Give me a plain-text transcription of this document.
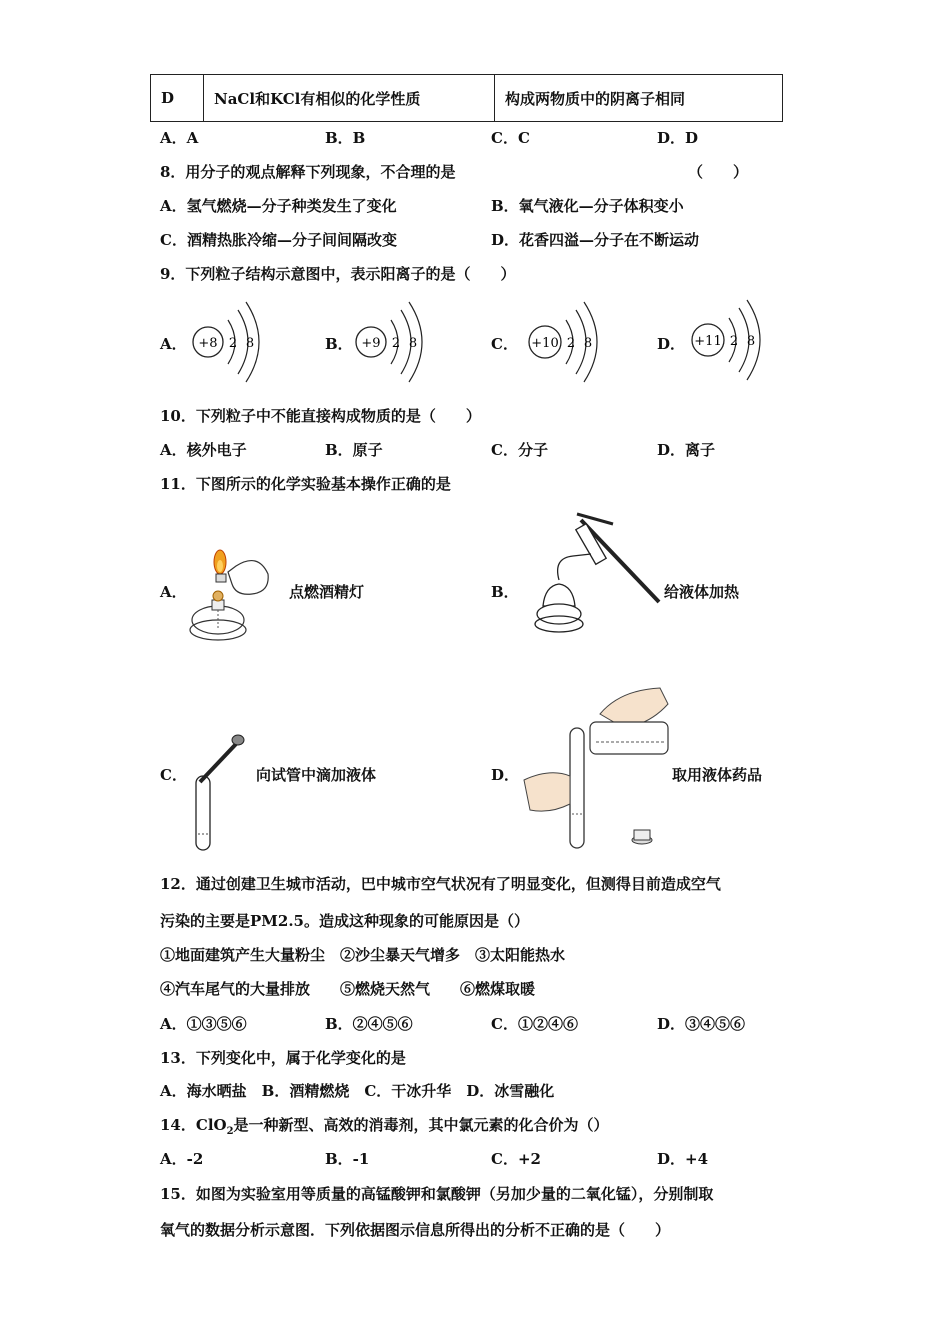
D	NaCl和KCl有相似的化学性质	构成两物质中的阴离子相同
A．A	B．B	C．C	D．D
8．用分子的观点解释下列现象，不合理的是	（　　）
A．氢气燃烧—分子种类发生了变化	B．氧气液化—分子体积变小
C．酒精热胀冷缩—分子间间隔改变	D．花香四溢—分子在不断运动
9．下列粒子结构示意图中，表示阳离子的是（　　）
A．	B．	C．	D．
+8 2 8	+9 2 8	+10 2 8	+11 2 8
10．下列粒子中不能直接构成物质的是（　　）
A．核外电子	B．原子	C．分子	D．离子
11．下图所示的化学实验基本操作正确的是
A．	点燃酒精灯	B．	给液体加热
C．	向试管中滴加液体	D．	取用液体药品
12．通过创建卫生城市活动，巴中城市空气状况有了明显变化，但测得目前造成空气
污染的主要是PM2.5。造成这种现象的可能原因是（）
①地面建筑产生大量粉尘　②沙尘暴天气增多　③太阳能热水
④汽车尾气的大量排放　　⑤燃烧天然气　　⑥燃煤取暖
A．①③⑤⑥	B．②④⑤⑥	C．①②④⑥	D．③④⑤⑥
13．下列变化中，属于化学变化的是
A．海水晒盐　B．酒精燃烧　C．干冰升华　D．冰雪融化
14．ClO$_2$是一种新型、高效的消毒剂，其中氯元素的化合价为（）
A．-2	B．-1	C．+2	D．+4
15．如图为实验室用等质量的高锰酸钾和氯酸钾（另加少量的二氧化锰），分别制取
氧气的数据分析示意图．下列依据图示信息所得出的分析不正确的是（　　）
